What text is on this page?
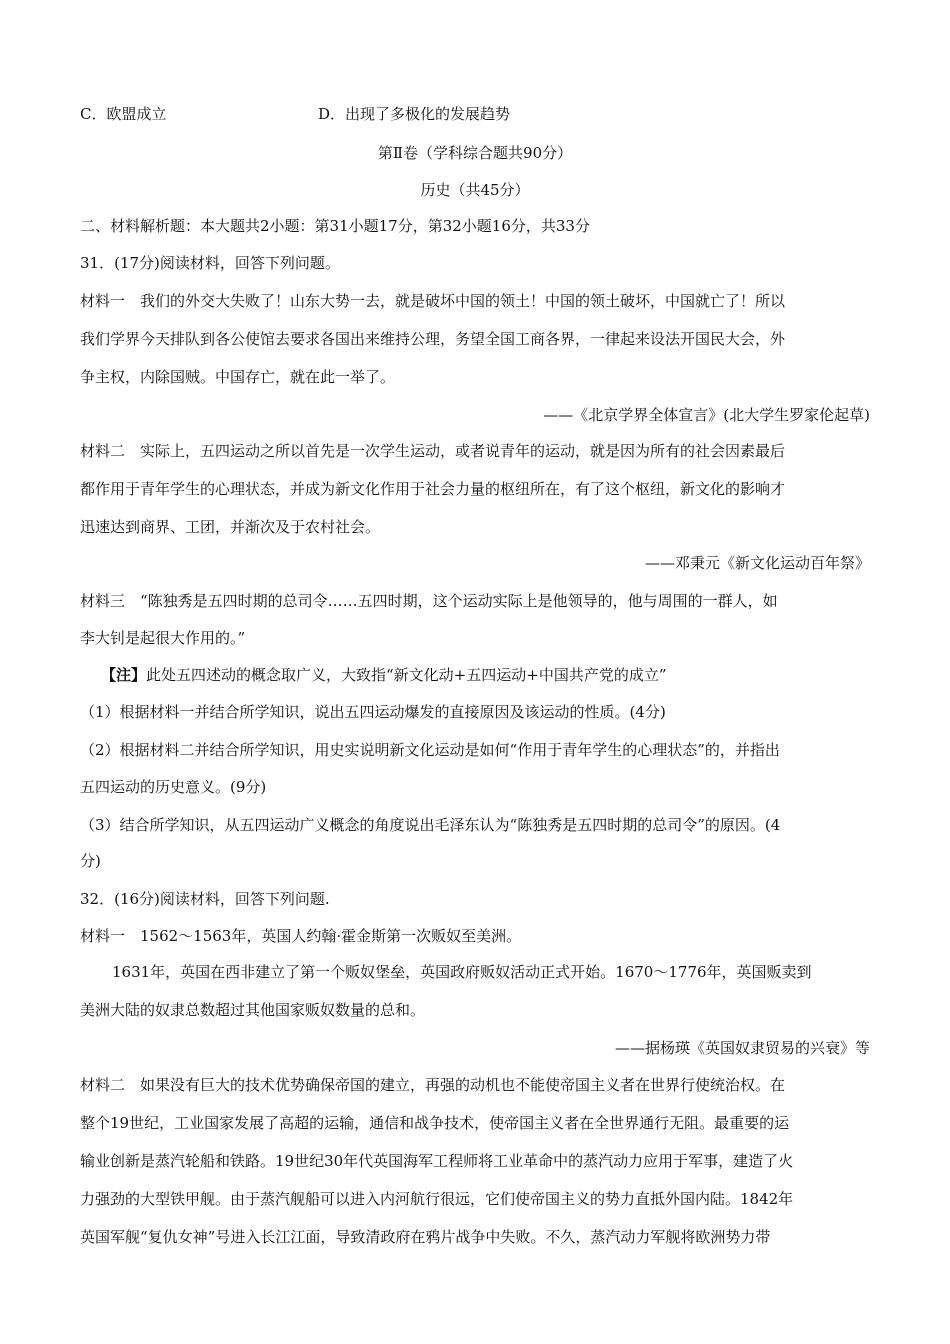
C．欧盟成立	D．出现了多极化的发展趋势
第Ⅱ卷（学科综合题共90分）
历史（共45分）
二、材料解析题：本大题共2小题：第31小题17分，第32小题16分，共33分
31．(17分)阅读材料，回答下列问题。
材料一　我们的外交大失败了！山东大势一去，就是破坏中国的领土！中国的领土破坏，中国就亡了！所以
我们学界今天排队到各公使馆去要求各国出来维持公理，务望全国工商各界，一律起来设法开国民大会，外
争主权，内除国贼。中国存亡，就在此一举了。
——《北京学界全体宣言》(北大学生罗家伦起草)
材料二　实际上，五四运动之所以首先是一次学生运动，或者说青年的运动，就是因为所有的社会因素最后
都作用于青年学生的心理状态，并成为新文化作用于社会力量的枢纽所在，有了这个枢纽，新文化的影响才
迅速达到商界、工团，并渐次及于农村社会。
——邓秉元《新文化运动百年祭》
材料三　“陈独秀是五四时期的总司令……五四时期，这个运动实际上是他领导的，他与周围的一群人，如
李大钊是起很大作用的。”
【注】此处五四述动的概念取广义，大致指“新文化动+五四运动+中国共产党的成立”
（1）根据材料一并结合所学知识，说出五四运动爆发的直接原因及该运动的性质。(4分)
（2）根据材料二并结合所学知识，用史实说明新文化运动是如何“作用于青年学生的心理状态”的，并指出
五四运动的历史意义。(9分)
（3）结合所学知识，从五四运动广义概念的角度说出毛泽东认为“陈独秀是五四时期的总司令”的原因。(4
分)
32．(16分)阅读材料，回答下列问题.
材料一　1562～1563年，英国人约翰·霍金斯第一次贩奴至美洲。
1631年，英国在西非建立了第一个贩奴堡垒，英国政府贩奴活动正式开始。1670～1776年，英国贩卖到
美洲大陆的奴隶总数超过其他国家贩奴数量的总和。
——据杨瑛《英国奴隶贸易的兴衰》等
材料二　如果没有巨大的技术优势确保帝国的建立，再强的动机也不能使帝国主义者在世界行使统治权。在
整个19世纪，工业国家发展了高超的运输，通信和战争技术，使帝国主义者在全世界通行无阻。最重要的运
输业创新是蒸汽轮船和铁路。19世纪30年代英国海军工程师将工业革命中的蒸汽动力应用于军事，建造了火
力强劲的大型铁甲舰。由于蒸汽舰船可以进入内河航行很远，它们使帝国主义的势力直抵外国内陆。1842年
英国军舰“复仇女神”号进入长江江面，导致清政府在鸦片战争中失败。不久，蒸汽动力军舰将欧洲势力带
